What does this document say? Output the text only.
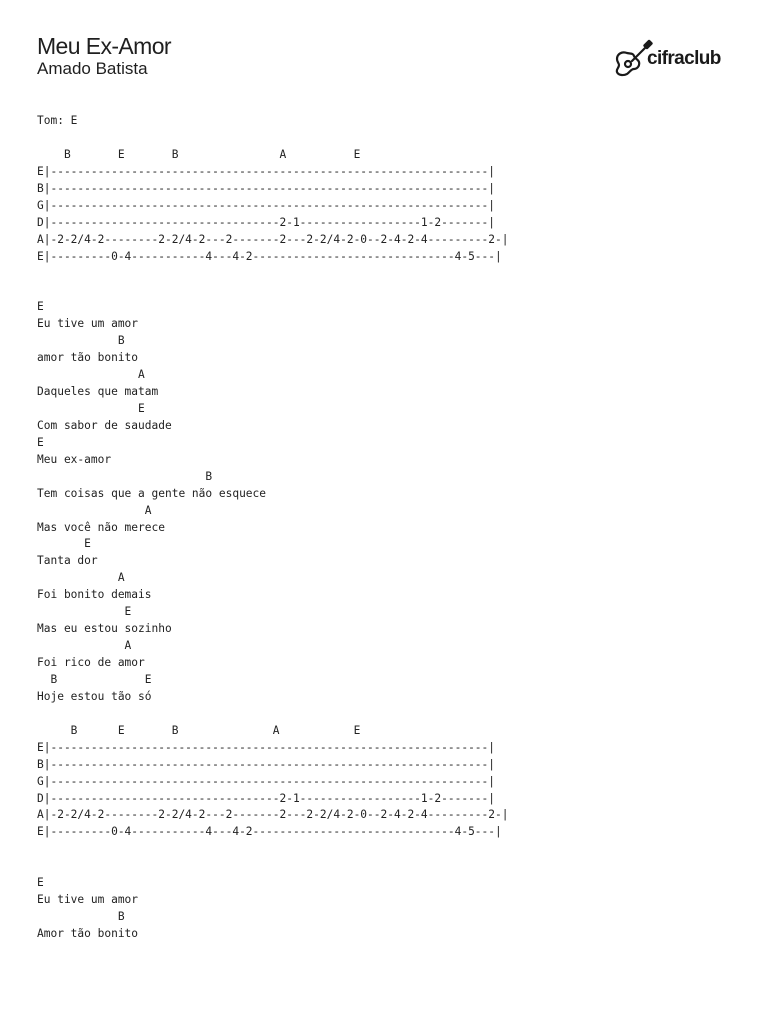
Meu Ex-Amor
Amado Batista	cifraclub
Tom: E
B       E       B               A          E
E|-----------------------------------------------------------------|
B|-----------------------------------------------------------------|
G|-----------------------------------------------------------------|
D|----------------------------------2-1------------------1-2-------|
A|-2-2/4-2--------2-2/4-2---2-------2---2-2/4-2-0--2-4-2-4---------2-|
E|---------0-4-----------4---4-2------------------------------4-5---|
E
Eu tive um amor
B
amor tão bonito
A
Daqueles que matam
E
Com sabor de saudade
E
Meu ex-amor
B
Tem coisas que a gente não esquece
A
Mas você não merece
E
Tanta dor
A
Foi bonito demais
E
Mas eu estou sozinho
A
Foi rico de amor
B             E
Hoje estou tão só
B      E       B              A           E
E|-----------------------------------------------------------------|
B|-----------------------------------------------------------------|
G|-----------------------------------------------------------------|
D|----------------------------------2-1------------------1-2-------|
A|-2-2/4-2--------2-2/4-2---2-------2---2-2/4-2-0--2-4-2-4---------2-|
E|---------0-4-----------4---4-2------------------------------4-5---|
E
Eu tive um amor
B
Amor tão bonito
